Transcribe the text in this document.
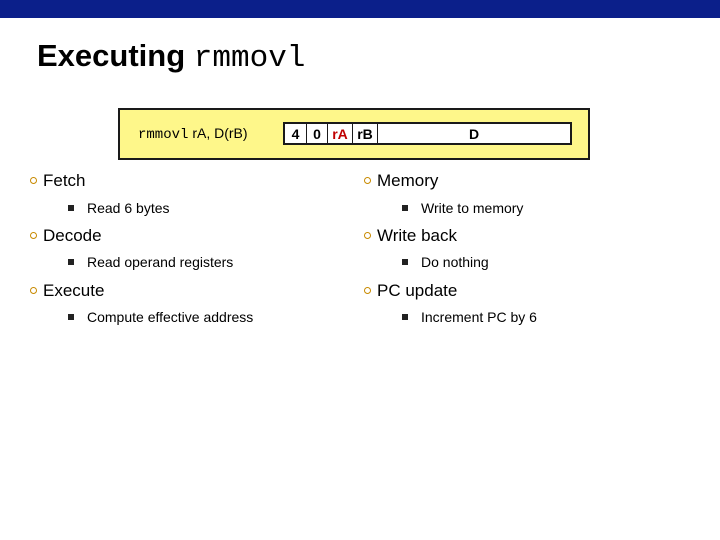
Executing rmmovl
rmmovl rA, D(rB)	4 0 rA rB	D
Fetch
Read 6 bytes
Decode
Read operand registers
Execute
Compute effective address
Memory
Write to memory
Write back
Do nothing
PC update
Increment PC by 6
